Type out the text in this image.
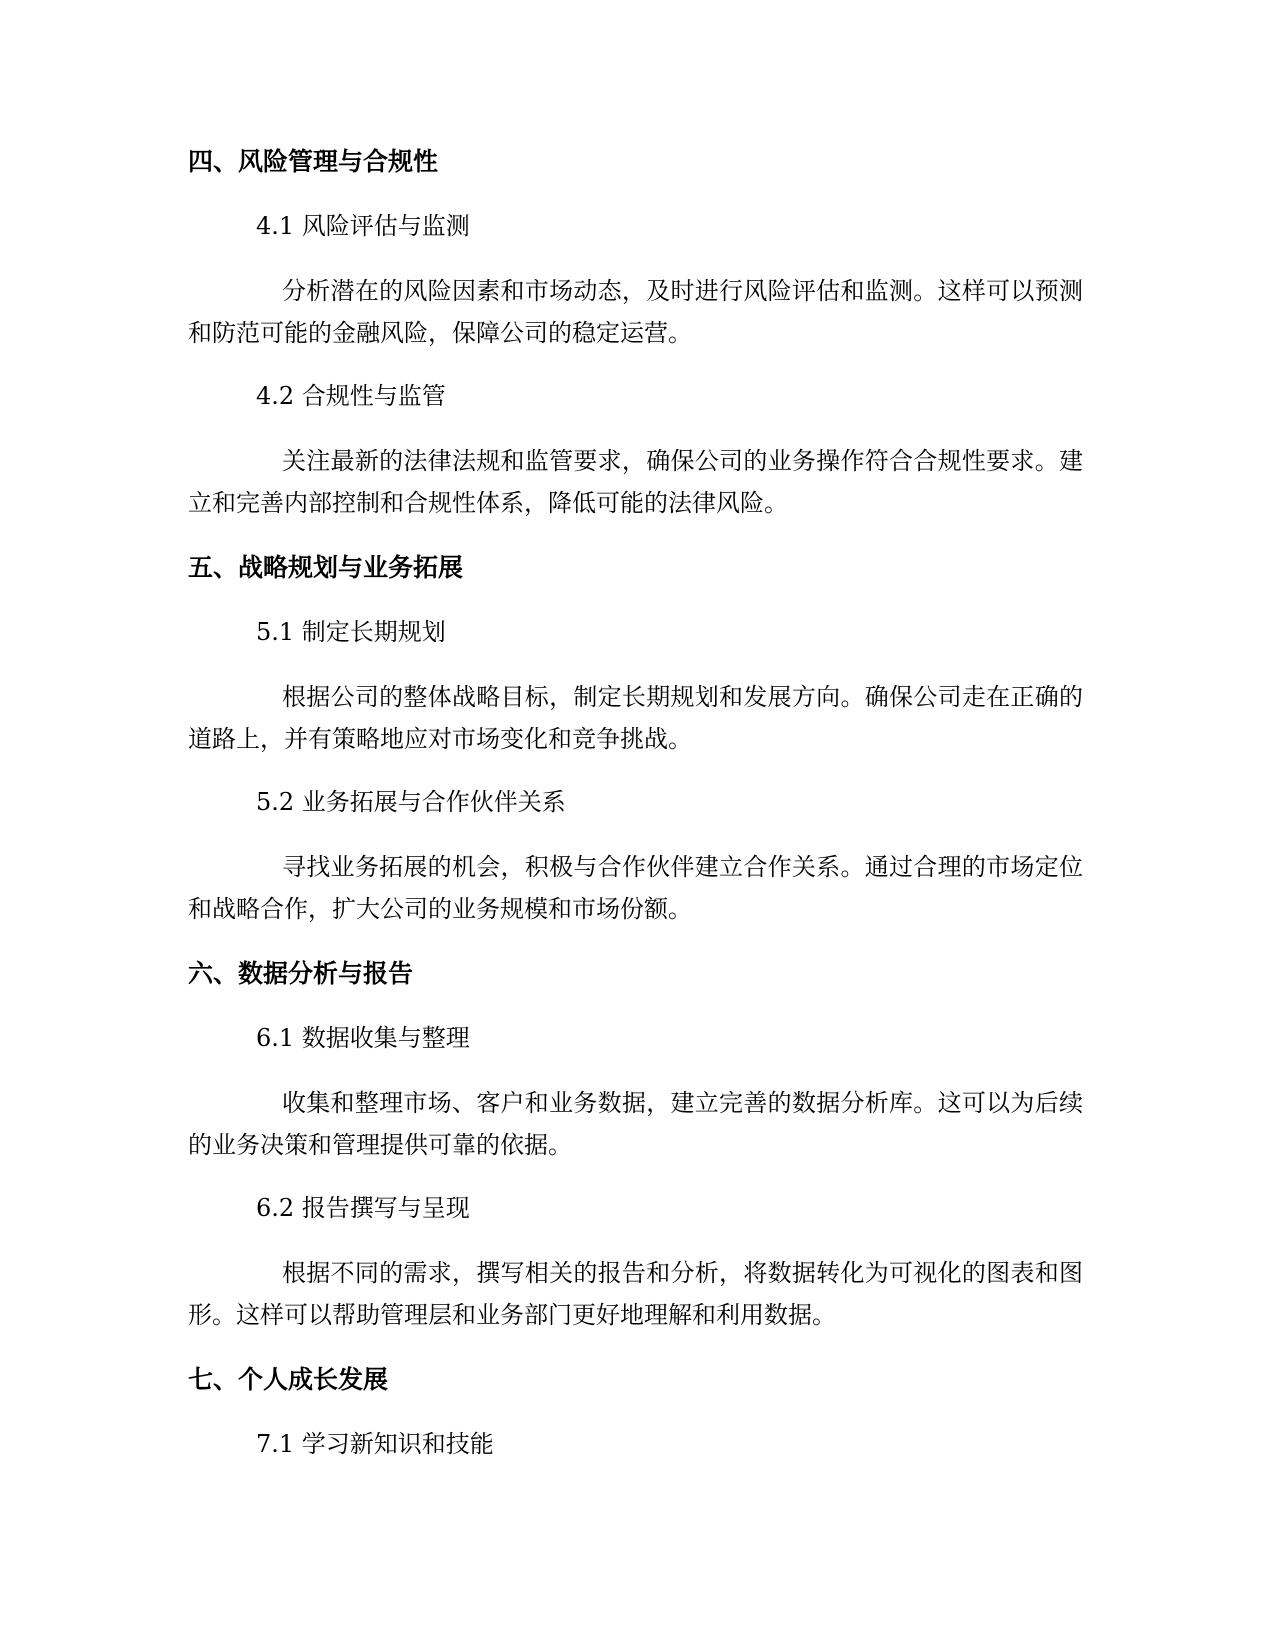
四、风险管理与合规性

4.1 风险评估与监测

分析潜在的风险因素和市场动态，及时进行风险评估和监测。这样可以预测和防范可能的金融风险，保障公司的稳定运营。

4.2 合规性与监管

关注最新的法律法规和监管要求，确保公司的业务操作符合合规性要求。建立和完善内部控制和合规性体系，降低可能的法律风险。

五、战略规划与业务拓展

5.1 制定长期规划

根据公司的整体战略目标，制定长期规划和发展方向。确保公司走在正确的道路上，并有策略地应对市场变化和竞争挑战。

5.2 业务拓展与合作伙伴关系

寻找业务拓展的机会，积极与合作伙伴建立合作关系。通过合理的市场定位和战略合作，扩大公司的业务规模和市场份额。

六、数据分析与报告

6.1 数据收集与整理

收集和整理市场、客户和业务数据，建立完善的数据分析库。这可以为后续的业务决策和管理提供可靠的依据。

6.2 报告撰写与呈现

根据不同的需求，撰写相关的报告和分析，将数据转化为可视化的图表和图形。这样可以帮助管理层和业务部门更好地理解和利用数据。

七、个人成长发展

7.1 学习新知识和技能
